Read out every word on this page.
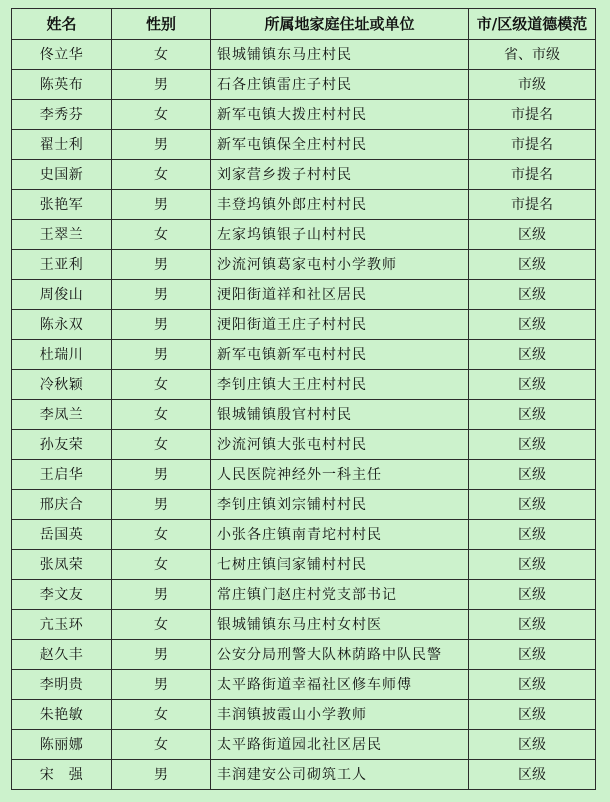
姓名	性别	所属地家庭住址或单位	市/区级道德模范
佟立华	女	银城铺镇东马庄村民	省、市级
陈英布	男	石各庄镇雷庄子村民	市级
李秀芬	女	新军屯镇大拨庄村村民	市提名
翟士利	男	新军屯镇保全庄村村民	市提名
史国新	女	刘家营乡拨子村村民	市提名
张艳军	男	丰登坞镇外郎庄村村民	市提名
王翠兰	女	左家坞镇银子山村村民	区级
王亚利	男	沙流河镇葛家屯村小学教师	区级
周俊山	男	浭阳街道祥和社区居民	区级
陈永双	男	浭阳街道王庄子村村民	区级
杜瑞川	男	新军屯镇新军屯村村民	区级
冷秋颖	女	李钊庄镇大王庄村村民	区级
李凤兰	女	银城铺镇殷官村村民	区级
孙友荣	女	沙流河镇大张屯村村民	区级
王启华	男	人民医院神经外一科主任	区级
邢庆合	男	李钊庄镇刘宗铺村村民	区级
岳国英	女	小张各庄镇南青坨村村民	区级
张凤荣	女	七树庄镇闫家铺村村民	区级
李文友	男	常庄镇门赵庄村党支部书记	区级
亢玉环	女	银城铺镇东马庄村女村医	区级
赵久丰	男	公安分局刑警大队林荫路中队民警	区级
李明贵	男	太平路街道幸福社区修车师傅	区级
朱艳敏	女	丰润镇披霞山小学教师	区级
陈丽娜	女	太平路街道园北社区居民	区级
宋　强	男	丰润建安公司砌筑工人	区级
